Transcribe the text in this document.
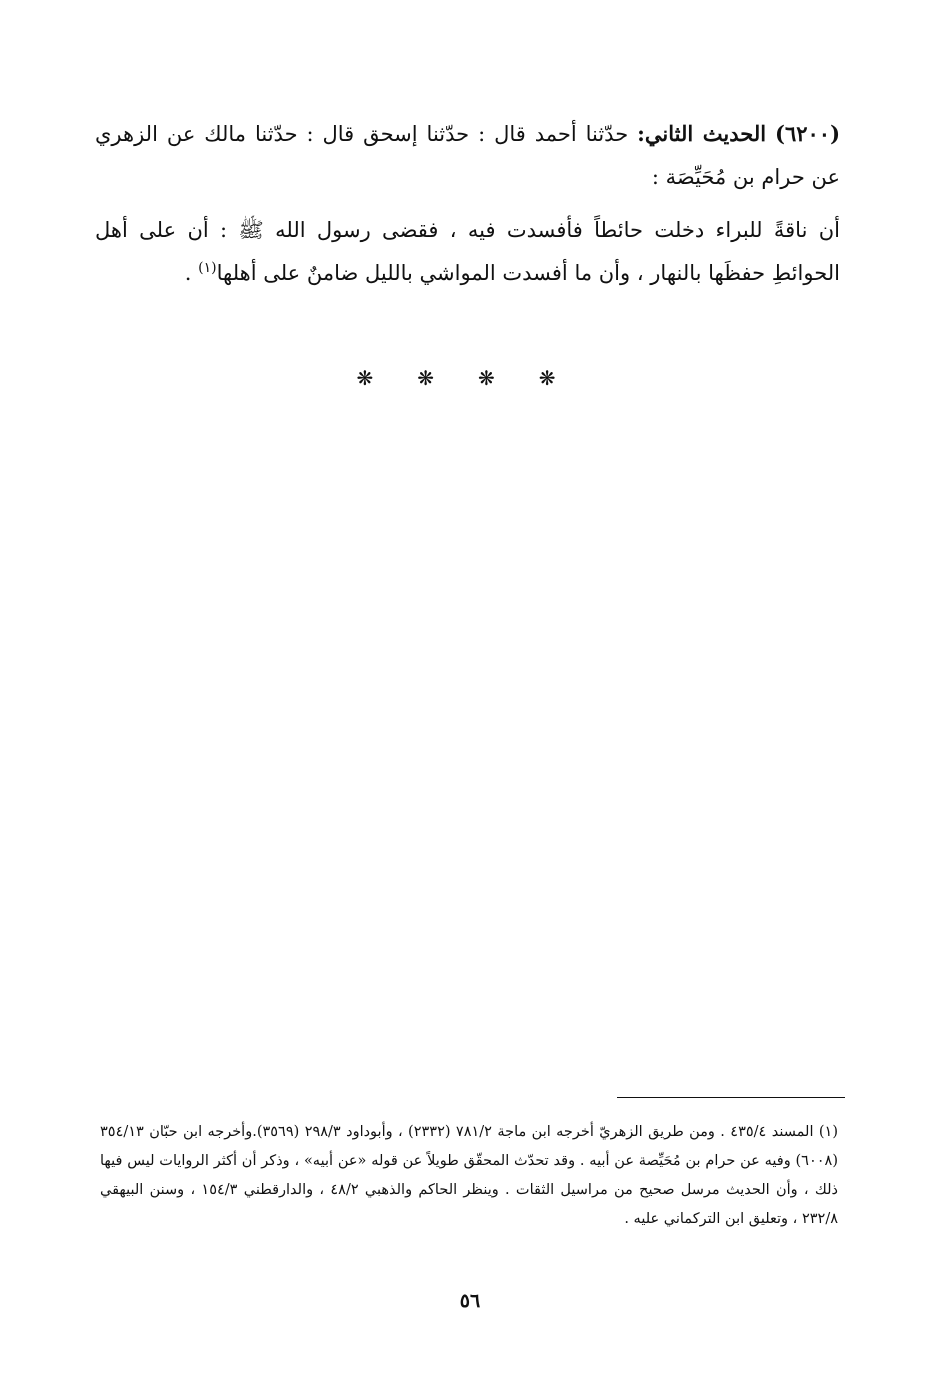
(٦٢٠٠) الحديث الثاني: حدّثنا أحمد قال : حدّثنا إسحق قال : حدّثنا مالك عن الزهري عن حرام بن مُحَيِّصَة :

أن ناقةً للبراء دخلت حائطاً فأفسدت فيه ، فقضى رسول الله ﷺ : أن على أهل الحوائطِ حفظَها بالنهار ، وأن ما أفسدت المواشي بالليل ضامنٌ على أهلها$^{(١)}$ .

❋ ❋ ❋ ❋
(١) المسند ٤٣٥/٤ . ومن طريق الزهريّ أخرجه ابن ماجة ٧٨١/٢ (٢٣٣٢) ، وأبوداود ٢٩٨/٣ (٣٥٦٩).وأخرجه ابن حبّان ٣٥٤/١٣ (٦٠٠٨) وفيه عن حرام بن مُحَيِّصة عن أبيه . وقد تحدّث المحقّق طويلاً عن قوله «عن أبيه» ، وذكر أن أكثر الروايات ليس فيها ذلك ، وأن الحديث مرسل صحيح من مراسيل الثقات . وينظر الحاكم والذهبي ٤٨/٢ ، والدارقطني ١٥٤/٣ ، وسنن البيهقي ٢٣٢/٨ ، وتعليق ابن التركماني عليه .
٥٦
